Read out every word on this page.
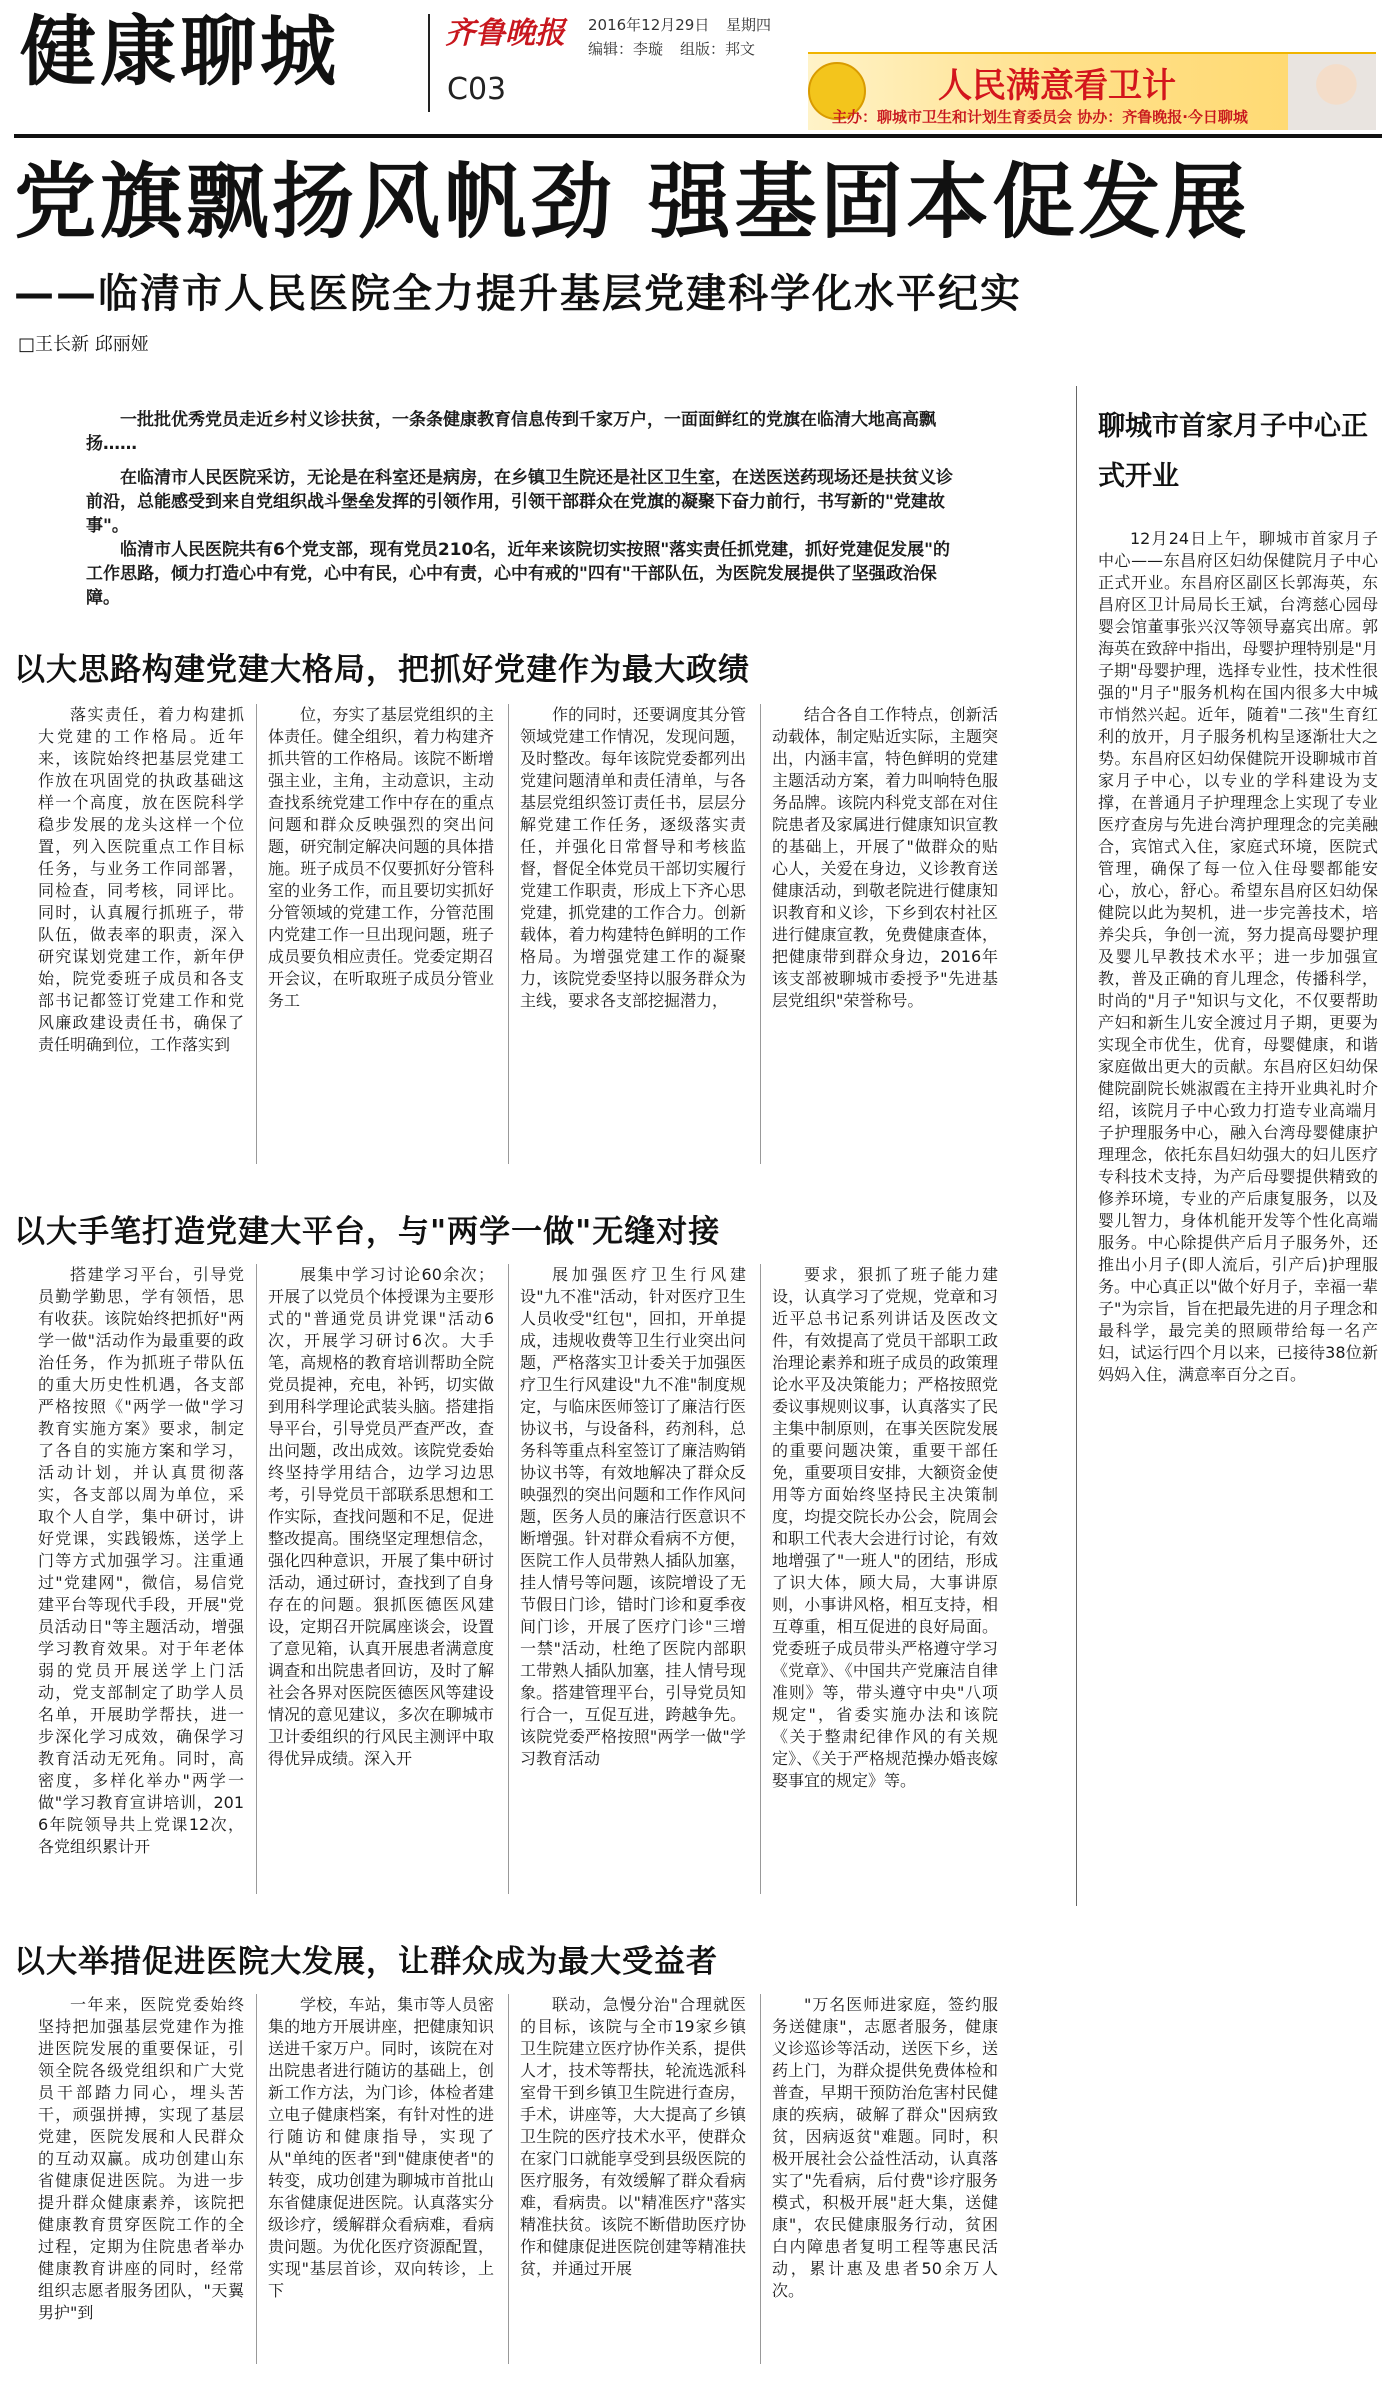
健康聊城	齐鲁晚报
C03
2016年12月29日 星期四
编辑：李璇 组版：邦文
人民满意看卫计
主办：聊城市卫生和计划生育委员会 协办：齐鲁晚报·今日聊城
党旗飘扬风帆劲 强基固本促发展
——临清市人民医院全力提升基层党建科学化水平纪实
□王长新 邱丽娅
一批批优秀党员走近乡村义诊扶贫，一条条健康教育信息传到千家万户，一面面鲜红的党旗在临清大地高高飘扬……
在临清市人民医院采访，无论是在科室还是病房，在乡镇卫生院还是社区卫生室，在送医送药现场还是扶贫义诊前沿，总能感受到来自党组织战斗堡垒发挥的引领作用，引领干部群众在党旗的凝聚下奋力前行，书写新的"党建故事"。
临清市人民医院共有6个党支部，现有党员210名，近年来该院切实按照"落实责任抓党建，抓好党建促发展"的工作思路，倾力打造心中有党，心中有民，心中有责，心中有戒的"四有"干部队伍，为医院发展提供了坚强政治保障。
以大思路构建党建大格局，把抓好党建作为最大政绩
落实责任，着力构建抓大党建的工作格局。近年来，该院始终把基层党建工作放在巩固党的执政基础这样一个高度，放在医院科学稳步发展的龙头这样一个位置，列入医院重点工作目标任务，与业务工作同部署，同检查，同考核，同评比。同时，认真履行抓班子，带队伍，做表率的职责，深入研究谋划党建工作，新年伊始，院党委班子成员和各支部书记都签订党建工作和党风廉政建设责任书，确保了责任明确到位，工作落实到
位，夯实了基层党组织的主体责任。健全组织，着力构建齐抓共管的工作格局。该院不断增强主业，主角，主动意识，主动查找系统党建工作中存在的重点问题和群众反映强烈的突出问题，研究制定解决问题的具体措施。班子成员不仅要抓好分管科室的业务工作，而且要切实抓好分管领域的党建工作，分管范围内党建工作一旦出现问题，班子成员要负相应责任。党委定期召开会议，在听取班子成员分管业务工
作的同时，还要调度其分管领域党建工作情况，发现问题，及时整改。每年该院党委都列出党建问题清单和责任清单，与各基层党组织签订责任书，层层分解党建工作任务，逐级落实责任，并强化日常督导和考核监督，督促全体党员干部切实履行党建工作职责，形成上下齐心思党建，抓党建的工作合力。创新载体，着力构建特色鲜明的工作格局。为增强党建工作的凝聚力，该院党委坚持以服务群众为主线，要求各支部挖掘潜力，
结合各自工作特点，创新活动载体，制定贴近实际，主题突出，内涵丰富，特色鲜明的党建主题活动方案，着力叫响特色服务品牌。该院内科党支部在对住院患者及家属进行健康知识宣教的基础上，开展了"做群众的贴心人，关爱在身边，义诊教育送健康活动，到敬老院进行健康知识教育和义诊，下乡到农村社区进行健康宣教，免费健康查体，把健康带到群众身边，2016年该支部被聊城市委授予"先进基层党组织"荣誉称号。
以大手笔打造党建大平台，与"两学一做"无缝对接
搭建学习平台，引导党员勤学勤思，学有领悟，思有收获。该院始终把抓好"两学一做"活动作为最重要的政治任务，作为抓班子带队伍的重大历史性机遇，各支部严格按照《"两学一做"学习教育实施方案》要求，制定了各自的实施方案和学习，活动计划，并认真贯彻落实，各支部以周为单位，采取个人自学，集中研讨，讲好党课，实践锻炼，送学上门等方式加强学习。注重通过"党建网"，微信，易信党建平台等现代手段，开展"党员活动日"等主题活动，增强学习教育效果。对于年老体弱的党员开展送学上门活动，党支部制定了助学人员名单，开展助学帮扶，进一步深化学习成效，确保学习教育活动无死角。同时，高密度，多样化举办"两学一做"学习教育宣讲培训，2016年院领导共上党课12次，各党组织累计开
展集中学习讨论60余次；开展了以党员个体授课为主要形式的"普通党员讲党课"活动6次，开展学习研讨6次。大手笔，高规格的教育培训帮助全院党员提神，充电，补钙，切实做到用科学理论武装头脑。搭建指导平台，引导党员严查严改，查出问题，改出成效。该院党委始终坚持学用结合，边学习边思考，引导党员干部联系思想和工作实际，查找问题和不足，促进整改提高。围绕坚定理想信念，强化四种意识，开展了集中研讨活动，通过研讨，查找到了自身存在的问题。狠抓医德医风建设，定期召开院属座谈会，设置了意见箱，认真开展患者满意度调查和出院患者回访，及时了解社会各界对医院医德医风等建设情况的意见建议，多次在聊城市卫计委组织的行风民主测评中取得优异成绩。深入开
展加强医疗卫生行风建设"九不准"活动，针对医疗卫生人员收受"红包"，回扣，开单提成，违规收费等卫生行业突出问题，严格落实卫计委关于加强医疗卫生行风建设"九不准"制度规定，与临床医师签订了廉洁行医协议书，与设备科，药剂科，总务科等重点科室签订了廉洁购销协议书等，有效地解决了群众反映强烈的突出问题和工作作风问题，医务人员的廉洁行医意识不断增强。针对群众看病不方便，医院工作人员带熟人插队加塞，挂人情号等问题，该院增设了无节假日门诊，错时门诊和夏季夜间门诊，开展了医疗门诊"三增一禁"活动，杜绝了医院内部职工带熟人插队加塞，挂人情号现象。搭建管理平台，引导党员知行合一，互促互进，跨越争先。该院党委严格按照"两学一做"学习教育活动
要求，狠抓了班子能力建设，认真学习了党规，党章和习近平总书记系列讲话及医改文件，有效提高了党员干部职工政治理论素养和班子成员的政策理论水平及决策能力；严格按照党委议事规则议事，认真落实了民主集中制原则，在事关医院发展的重要问题决策，重要干部任免，重要项目安排，大额资金使用等方面始终坚持民主决策制度，均提交院长办公会，院周会和职工代表大会进行讨论，有效地增强了"一班人"的团结，形成了识大体，顾大局，大事讲原则，小事讲风格，相互支持，相互尊重，相互促进的良好局面。党委班子成员带头严格遵守学习《党章》、《中国共产党廉洁自律准则》等，带头遵守中央"八项规定"，省委实施办法和该院《关于整肃纪律作风的有关规定》、《关于严格规范操办婚丧嫁娶事宜的规定》等。
以大举措促进医院大发展，让群众成为最大受益者
一年来，医院党委始终坚持把加强基层党建作为推进医院发展的重要保证，引领全院各级党组织和广大党员干部踏力同心，埋头苦干，顽强拼搏，实现了基层党建，医院发展和人民群众的互动双赢。成功创建山东省健康促进医院。为进一步提升群众健康素养，该院把健康教育贯穿医院工作的全过程，定期为住院患者举办健康教育讲座的同时，经常组织志愿者服务团队，"天翼男护"到
学校，车站，集市等人员密集的地方开展讲座，把健康知识送进千家万户。同时，该院在对出院患者进行随访的基础上，创新工作方法，为门诊，体检者建立电子健康档案，有针对性的进行随访和健康指导，实现了从"单纯的医者"到"健康使者"的转变，成功创建为聊城市首批山东省健康促进医院。认真落实分级诊疗，缓解群众看病难，看病贵问题。为优化医疗资源配置，实现"基层首诊，双向转诊，上下
联动，急慢分治"合理就医的目标，该院与全市19家乡镇卫生院建立医疗协作关系，提供人才，技术等帮扶，轮流选派科室骨干到乡镇卫生院进行查房，手术，讲座等，大大提高了乡镇卫生院的医疗技术水平，使群众在家门口就能享受到县级医院的医疗服务，有效缓解了群众看病难，看病贵。以"精准医疗"落实精准扶贫。该院不断借助医疗协作和健康促进医院创建等精准扶贫，并通过开展
"万名医师进家庭，签约服务送健康"，志愿者服务，健康义诊巡诊等活动，送医下乡，送药上门，为群众提供免费体检和普查，早期干预防治危害村民健康的疾病，破解了群众"因病致贫，因病返贫"难题。同时，积极开展社会公益性活动，认真落实了"先看病，后付费"诊疗服务模式，积极开展"赶大集，送健康"，农民健康服务行动，贫困白内障患者复明工程等惠民活动，累计惠及患者50余万人次。
聊城市首家月子中心正式开业
12月24日上午，聊城市首家月子中心——东昌府区妇幼保健院月子中心正式开业。东昌府区副区长郭海英，东昌府区卫计局局长王斌，台湾慈心园母婴会馆董事张兴汉等领导嘉宾出席。郭海英在致辞中指出，母婴护理特别是"月子期"母婴护理，选择专业性，技术性很强的"月子"服务机构在国内很多大中城市悄然兴起。近年，随着"二孩"生育红利的放开，月子服务机构呈逐渐壮大之势。东昌府区妇幼保健院开设聊城市首家月子中心，以专业的学科建设为支撑，在普通月子护理理念上实现了专业医疗查房与先进台湾护理理念的完美融合，宾馆式入住，家庭式环境，医院式管理，确保了每一位入住母婴都能安心，放心，舒心。希望东昌府区妇幼保健院以此为契机，进一步完善技术，培养尖兵，争创一流，努力提高母婴护理及婴儿早教技术水平；进一步加强宣教，普及正确的育儿理念，传播科学，时尚的"月子"知识与文化，不仅要帮助产妇和新生儿安全渡过月子期，更要为实现全市优生，优育，母婴健康，和谐家庭做出更大的贡献。东昌府区妇幼保健院副院长姚淑霞在主持开业典礼时介绍，该院月子中心致力打造专业高端月子护理服务中心，融入台湾母婴健康护理理念，依托东昌妇幼强大的妇儿医疗专科技术支持，为产后母婴提供精致的修养环境，专业的产后康复服务，以及婴儿智力，身体机能开发等个性化高端服务。中心除提供产后月子服务外，还推出小月子(即人流后，引产后)护理服务。中心真正以"做个好月子，幸福一辈子"为宗旨，旨在把最先进的月子理念和最科学，最完美的照顾带给每一名产妇，试运行四个月以来，已接待38位新妈妈入住，满意率百分之百。
